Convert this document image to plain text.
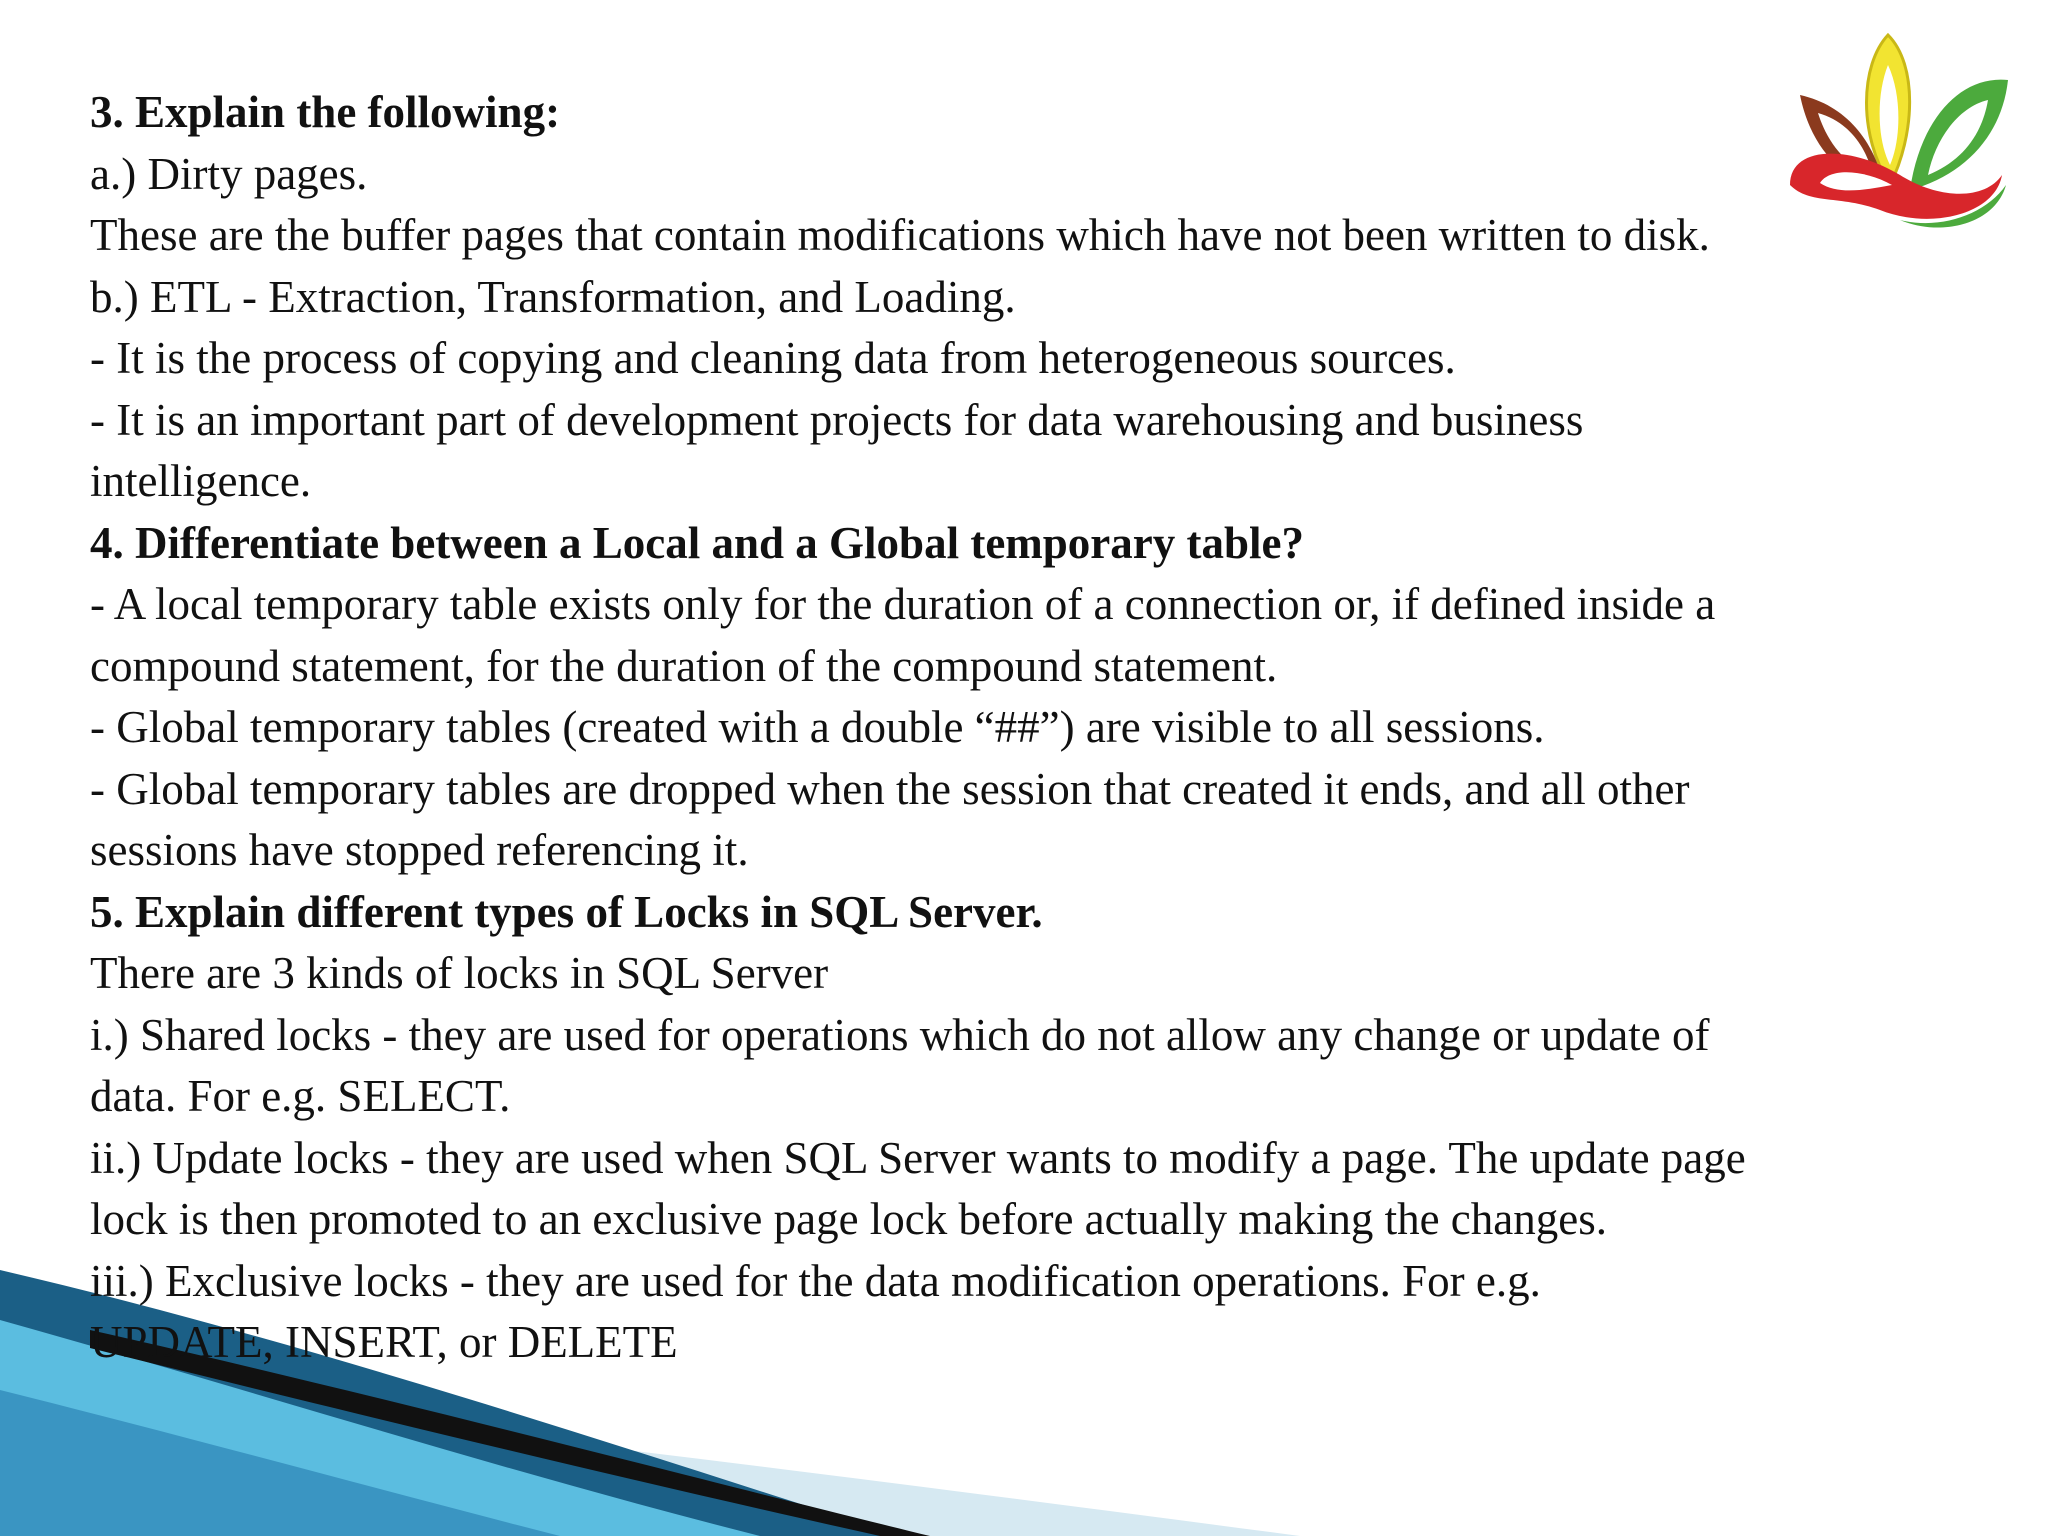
3. Explain the following:

a.) Dirty pages.

These are the buffer pages that contain modifications which have not been written to disk.

b.) ETL - Extraction, Transformation, and Loading.

- It is the process of copying and cleaning data from heterogeneous sources.

- It is an important part of development projects for data warehousing and business

intelligence.

4. Differentiate between a Local and a Global temporary table?

- A local temporary table exists only for the duration of a connection or, if defined inside a

compound statement, for the duration of the compound statement.

- Global temporary tables (created with a double “##”) are visible to all sessions.

- Global temporary tables are dropped when the session that created it ends, and all other

sessions have stopped referencing it.

5. Explain different types of Locks in SQL Server.

There are 3 kinds of locks in SQL Server

i.) Shared locks - they are used for operations which do not allow any change or update of

data. For e.g. SELECT.

ii.) Update locks - they are used when SQL Server wants to modify a page. The update page

lock is then promoted to an exclusive page lock before actually making the changes.

iii.) Exclusive locks - they are used for the data modification operations. For e.g.

UPDATE, INSERT, or DELETE
